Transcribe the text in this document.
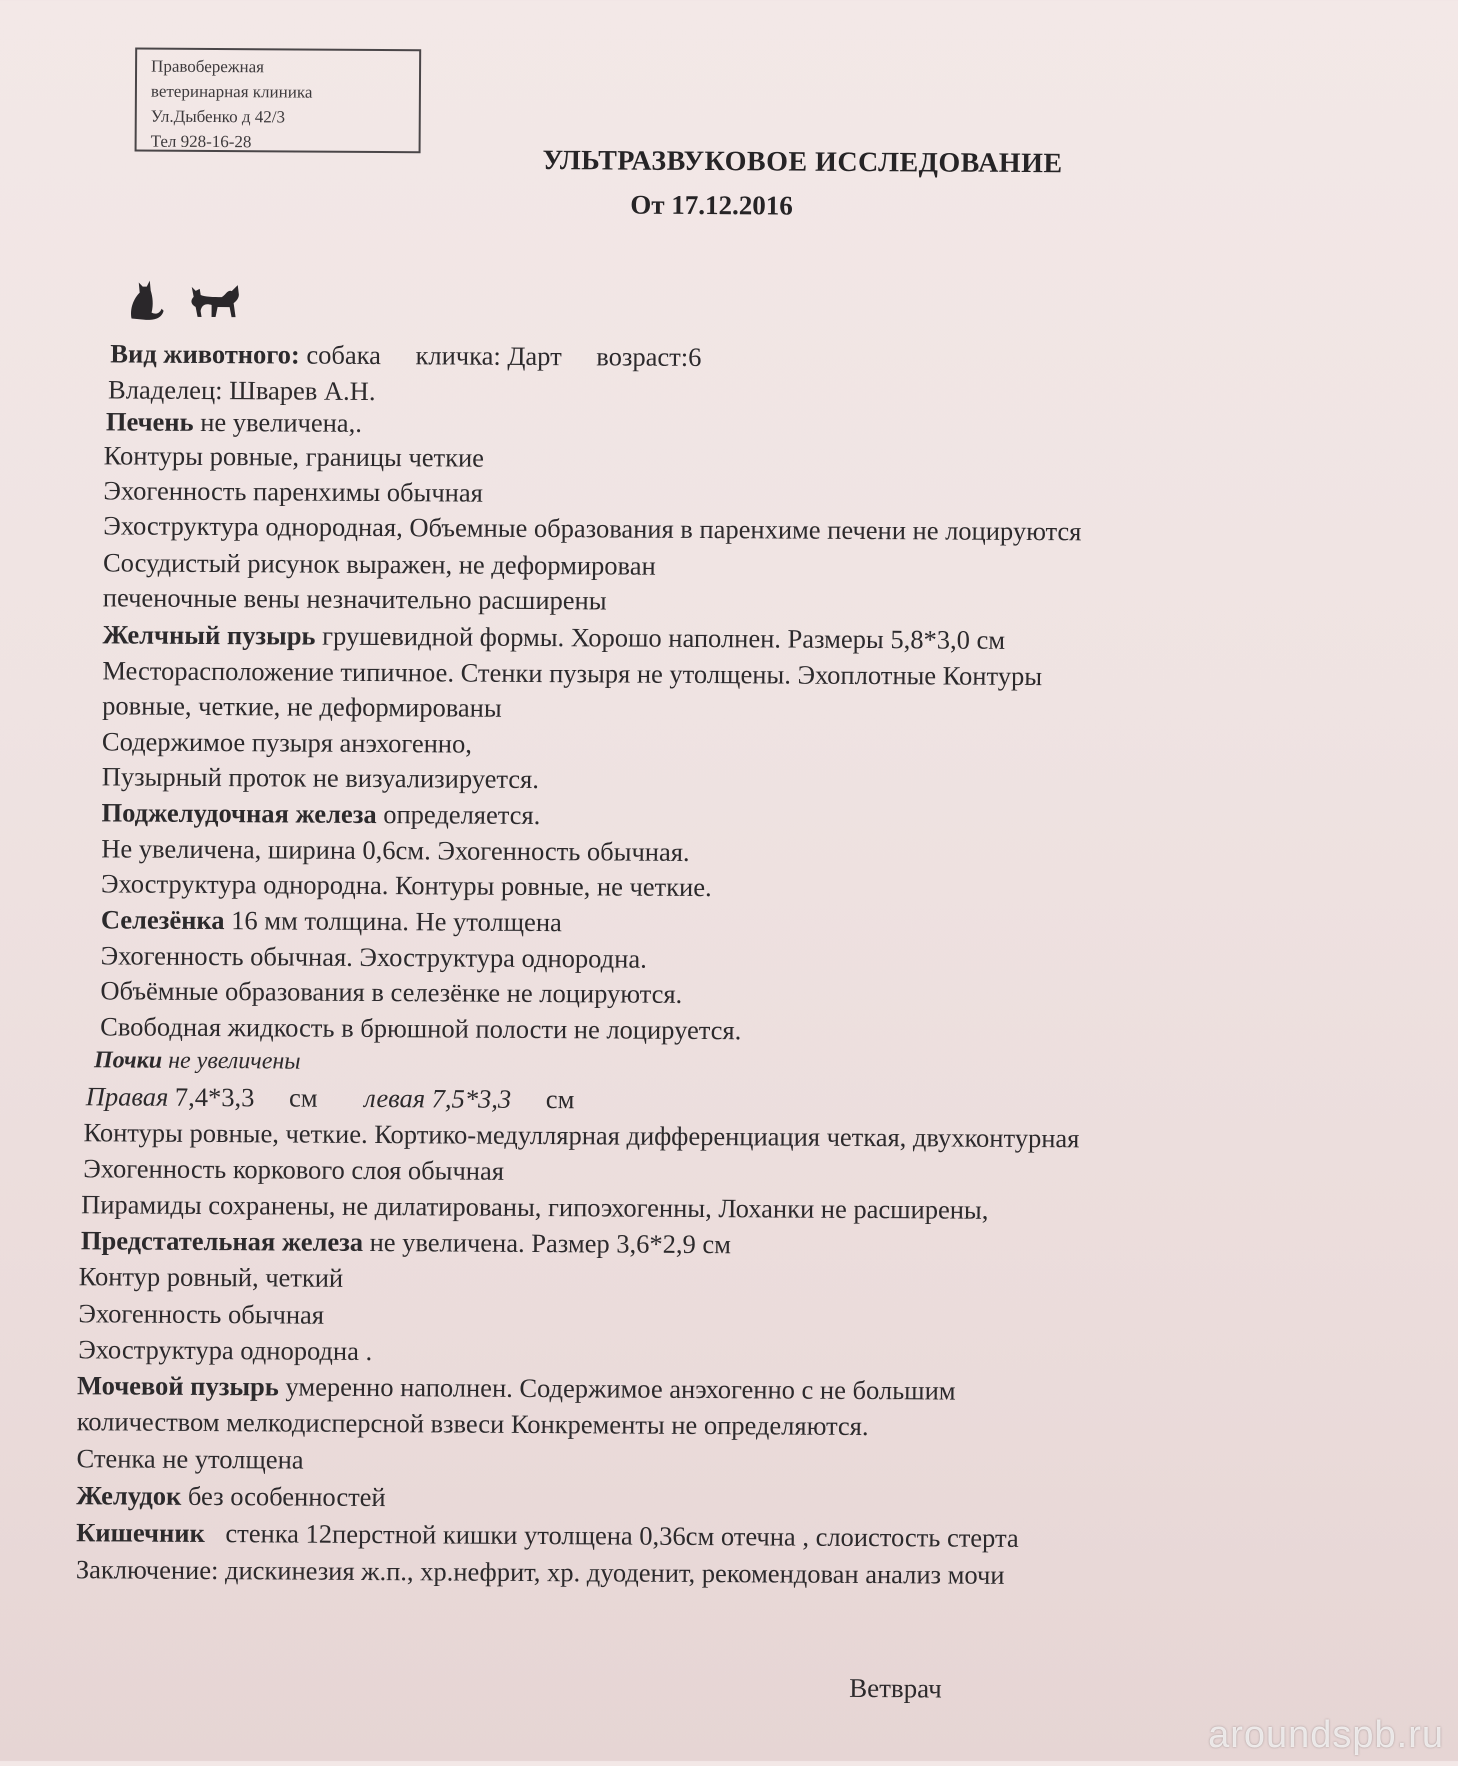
Правобережная
ветеринарная клиника
Ул.Дыбенко д 42/3
Тел 928-16-28
УЛЬТРАЗВУКОВОЕ ИССЛЕДОВАНИЕ
От 17.12.2016
Вид животного: собака кличка: Дарт возраст:6
Владелец: Шварев А.Н.
Печень не увеличена,.
Контуры ровные, границы четкие
Эхогенность паренхимы обычная
Эхоструктура однородная, Объемные образования в паренхиме печени не лоцируются
Сосудистый рисунок выражен, не деформирован
печеночные вены незначительно расширены
Желчный пузырь грушевидной формы. Хорошо наполнен. Размеры 5,8*3,0 см
Месторасположение типичное. Стенки пузыря не утолщены. Эхоплотные Контуры
ровные, четкие, не деформированы
Содержимое пузыря анэхогенно,
Пузырный проток не визуализируется.
Поджелудочная железа определяется.
Не увеличена, ширина 0,6см. Эхогенность обычная.
Эхоструктура однородна. Контуры ровные, не четкие.
Селезёнка 16 мм толщина. Не утолщена
Эхогенность обычная. Эхоструктура однородна.
Объёмные образования в селезёнке не лоцируются.
Свободная жидкость в брюшной полости не лоцируется.
Почки не увеличены
Правая 7,4*3,3 см левая 7,5*3,3 см
Контуры ровные, четкие. Кортико-медуллярная дифференциация четкая, двухконтурная
Эхогенность коркового слоя обычная
Пирамиды сохранены, не дилатированы, гипоэхогенны, Лоханки не расширены,
Предстательная железа не увеличена. Размер 3,6*2,9 см
Контур ровный, четкий
Эхогенность обычная
Эхоструктура однородна .
Мочевой пузырь умеренно наполнен. Содержимое анэхогенно с не большим
количеством мелкодисперсной взвеси Конкременты не определяются.
Стенка не утолщена
Желудок без особенностей
Кишечник стенка 12перстной кишки утолщена 0,36см отечна , слоистость стерта
Заключение: дискинезия ж.п., хр.нефрит, хр. дуоденит, рекомендован анализ мочи
Ветврач
aroundspb.ru
